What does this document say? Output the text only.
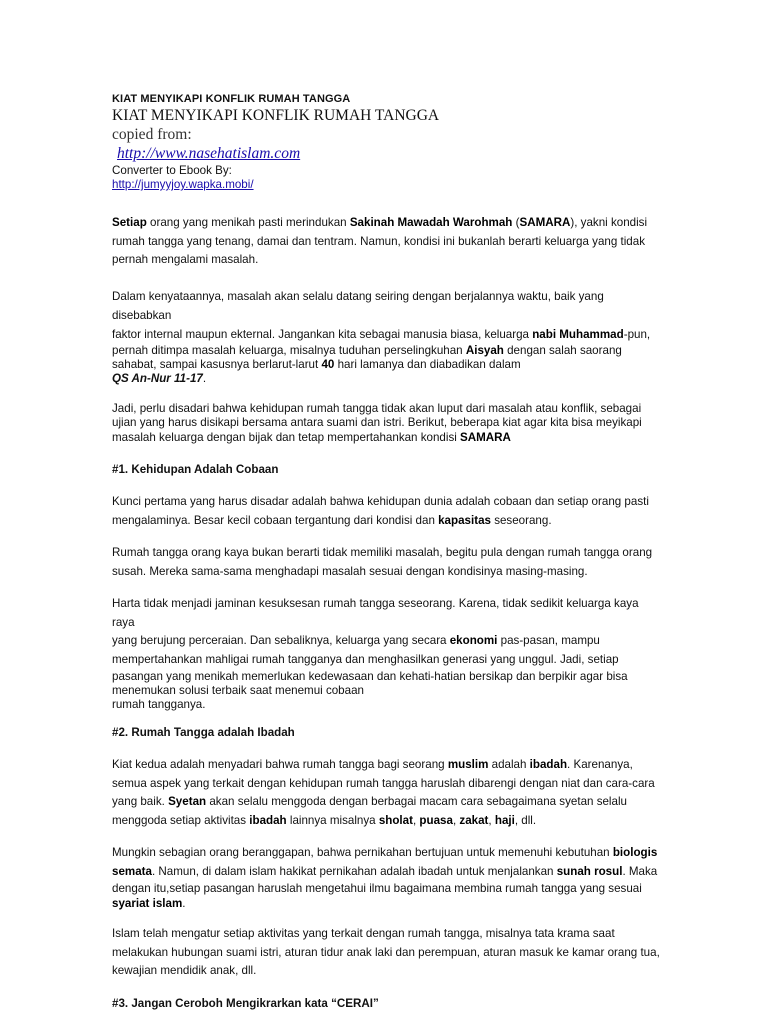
KIAT MENYIKAPI KONFLIK RUMAH TANGGA
KIAT MENYIKAPI KONFLIK RUMAH TANGGA
copied from:
http://www.nasehatislam.com
Converter to Ebook By:
http://jumyyjoy.wapka.mobi/
Setiap orang yang menikah pasti merindukan Sakinah Mawadah Warohmah (SAMARA), yakni kondisi
rumah tangga yang tenang, damai dan tentram. Namun, kondisi ini bukanlah berarti keluarga yang tidak
pernah mengalami masalah.
Dalam kenyataannya, masalah akan selalu datang seiring dengan berjalannya waktu, baik yang disebabkan
faktor internal maupun ekternal. Jangankan kita sebagai manusia biasa, keluarga nabi Muhammad-pun,
pernah ditimpa masalah keluarga, misalnya tuduhan perselingkuhan Aisyah dengan salah saorang
sahabat, sampai kasusnya berlarut-larut 40 hari lamanya dan diabadikan dalam
QS An-Nur 11-17.
Jadi, perlu disadari bahwa kehidupan rumah tangga tidak akan luput dari masalah atau konflik, sebagai
ujian yang harus disikapi bersama antara suami dan istri. Berikut, beberapa kiat agar kita bisa meyikapi
masalah keluarga dengan bijak dan tetap mempertahankan kondisi SAMARA
#1. Kehidupan Adalah Cobaan
Kunci pertama yang harus disadar adalah bahwa kehidupan dunia adalah cobaan dan setiap orang pasti
mengalaminya. Besar kecil cobaan tergantung dari kondisi dan kapasitas seseorang.
Rumah tangga orang kaya bukan berarti tidak memiliki masalah, begitu pula dengan rumah tangga orang
susah. Mereka sama-sama menghadapi masalah sesuai dengan kondisinya masing-masing.
Harta tidak menjadi jaminan kesuksesan rumah tangga seseorang. Karena, tidak sedikit keluarga kaya raya
yang berujung perceraian. Dan sebaliknya, keluarga yang secara ekonomi pas-pasan, mampu
mempertahankan mahligai rumah tangganya dan menghasilkan generasi yang unggul. Jadi, setiap
pasangan yang menikah memerlukan kedewasaan dan kehati-hatian bersikap dan berpikir agar bisa
menemukan solusi terbaik saat menemui cobaan
rumah tangganya.
#2. Rumah Tangga adalah Ibadah
Kiat kedua adalah menyadari bahwa rumah tangga bagi seorang muslim adalah ibadah. Karenanya,
semua aspek yang terkait dengan kehidupan rumah tangga haruslah dibarengi dengan niat dan cara-cara
yang baik. Syetan akan selalu menggoda dengan berbagai macam cara sebagaimana syetan selalu
menggoda setiap aktivitas ibadah lainnya misalnya sholat, puasa, zakat, haji, dll.
Mungkin sebagian orang beranggapan, bahwa pernikahan bertujuan untuk memenuhi kebutuhan biologis
semata. Namun, di dalam islam hakikat pernikahan adalah ibadah untuk menjalankan sunah rosul. Maka
dengan itu,setiap pasangan haruslah mengetahui ilmu bagaimana membina rumah tangga yang sesuai
syariat islam.
Islam telah mengatur setiap aktivitas yang terkait dengan rumah tangga, misalnya tata krama saat
melakukan hubungan suami istri, aturan tidur anak laki dan perempuan, aturan masuk ke kamar orang tua,
kewajian mendidik anak, dll.
#3. Jangan Ceroboh Mengikrarkan kata “CERAI”
